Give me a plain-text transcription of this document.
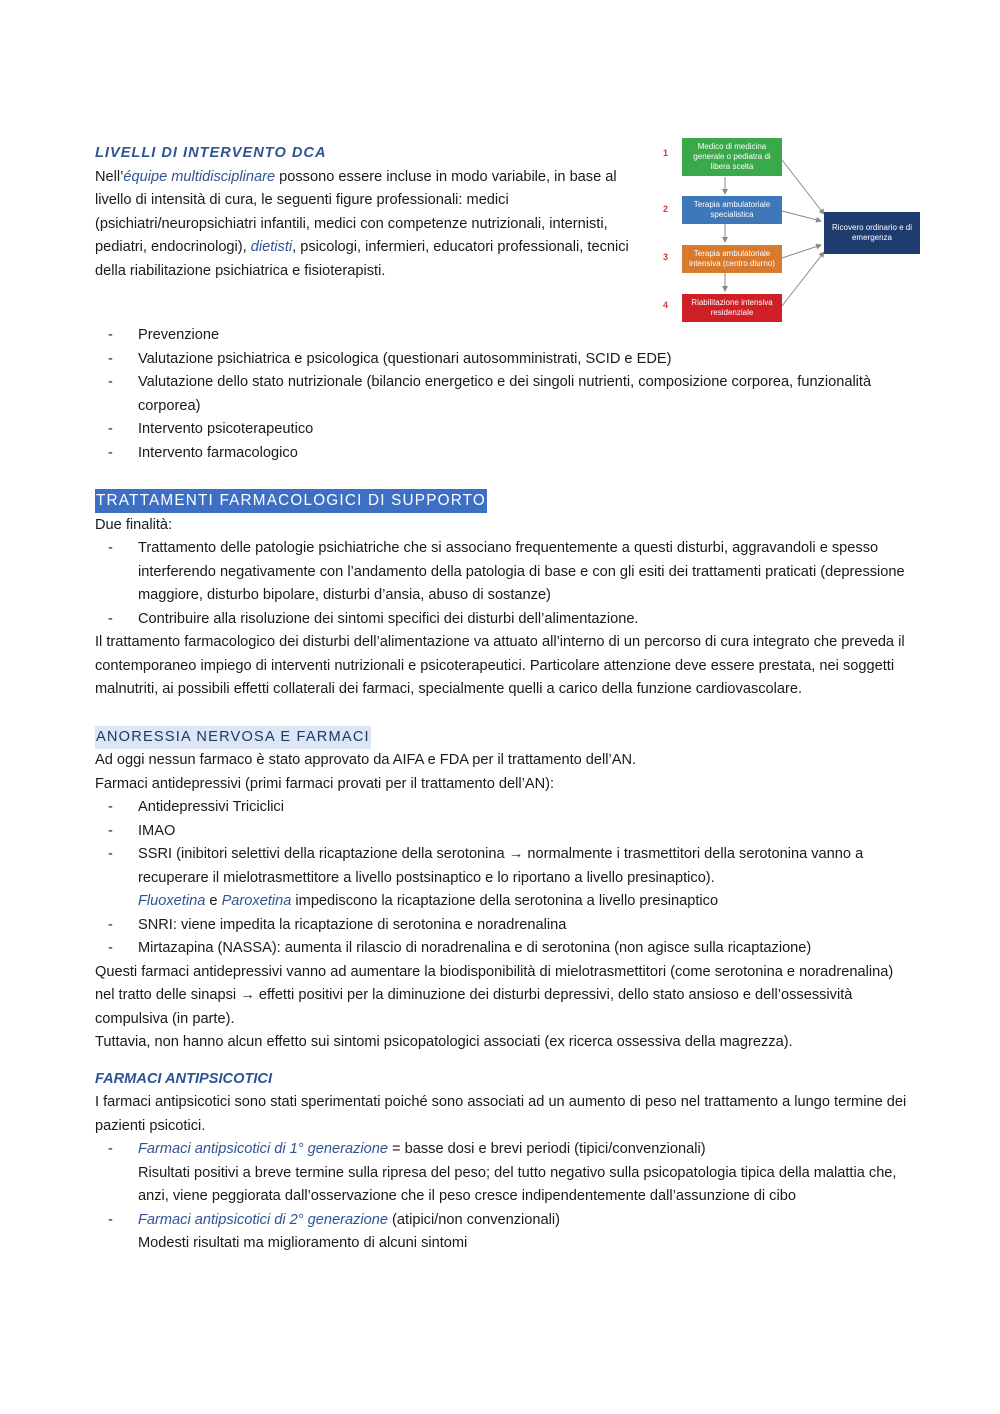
1
2
3
4
Medico di medicina generale o pediatra di libera scelta
Terapia ambulatoriale specialistica
Terapia ambulatoriale intensiva (centro diurno)
Riabilitazione intensiva residenziale
Ricovero ordinario e di emergenza
LIVELLI DI INTERVENTO DCA

Nell’équipe multidisciplinare possono essere incluse in modo variabile, in base al livello di intensità di cura, le seguenti figure professionali: medici (psichiatri/neuropsichiatri infantili, medici con competenze nutrizionali, internisti, pediatri, endocrinologi), dietisti, psicologi, infermieri, educatori professionali, tecnici della riabilitazione psichiatrica e fisioterapisti.

- Prevenzione
- Valutazione psichiatrica e psicologica (questionari autosomministrati, SCID e EDE)
- Valutazione dello stato nutrizionale (bilancio energetico e dei singoli nutrienti, composizione corporea, funzionalità corporea)
- Intervento psicoterapeutico
- Intervento farmacologico
TRATTAMENTI FARMACOLOGICI DI SUPPORTO

Due finalità:

- Trattamento delle patologie psichiatriche che si associano frequentemente a questi disturbi, aggravandoli e spesso interferendo negativamente con l’andamento della patologia di base e con gli esiti dei trattamenti praticati (depressione maggiore, disturbo bipolare, disturbi d’ansia, abuso di sostanze)
- Contribuire alla risoluzione dei sintomi specifici dei disturbi dell’alimentazione.

Il trattamento farmacologico dei disturbi dell’alimentazione va attuato all’interno di un percorso di cura integrato che preveda il contemporaneo impiego di interventi nutrizionali e psicoterapeutici. Particolare attenzione deve essere prestata, nei soggetti malnutriti, ai possibili effetti collaterali dei farmaci, specialmente quelli a carico della funzione cardiovascolare.

ANORESSIA NERVOSA E FARMACI

Ad oggi nessun farmaco è stato approvato da AIFA e FDA per il trattamento dell’AN.

Farmaci antidepressivi (primi farmaci provati per il trattamento dell’AN):

- Antidepressivi Triciclici
- IMAO
- SSRI (inibitori selettivi della ricaptazione della serotonina → normalmente i trasmettitori della serotonina vanno a recuperare il mielotrasmettitore a livello postsinaptico e lo riportano a livello presinaptico).
Fluoxetina e Paroxetina impediscono la ricaptazione della serotonina a livello presinaptico
- SNRI: viene impedita la ricaptazione di serotonina e noradrenalina
- Mirtazapina (NASSA): aumenta il rilascio di noradrenalina e di serotonina (non agisce sulla ricaptazione)

Questi farmaci antidepressivi vanno ad aumentare la biodisponibilità di mielotrasmettitori (come serotonina e noradrenalina) nel tratto delle sinapsi → effetti positivi per la diminuzione dei disturbi depressivi, dello stato ansioso e dell’ossessività compulsiva (in parte).

Tuttavia, non hanno alcun effetto sui sintomi psicopatologici associati (ex ricerca ossessiva della magrezza).

FARMACI ANTIPSICOTICI

I farmaci antipsicotici sono stati sperimentati poiché sono associati ad un aumento di peso nel trattamento a lungo termine dei pazienti psicotici.

- Farmaci antipsicotici di 1° generazione = basse dosi e brevi periodi (tipici/convenzionali)
Risultati positivi a breve termine sulla ripresa del peso; del tutto negativo sulla psicopatologia tipica della malattia che, anzi, viene peggiorata dall’osservazione che il peso cresce indipendentemente dall’assunzione di cibo
- Farmaci antipsicotici di 2° generazione (atipici/non convenzionali)
Modesti risultati ma miglioramento di alcuni sintomi
